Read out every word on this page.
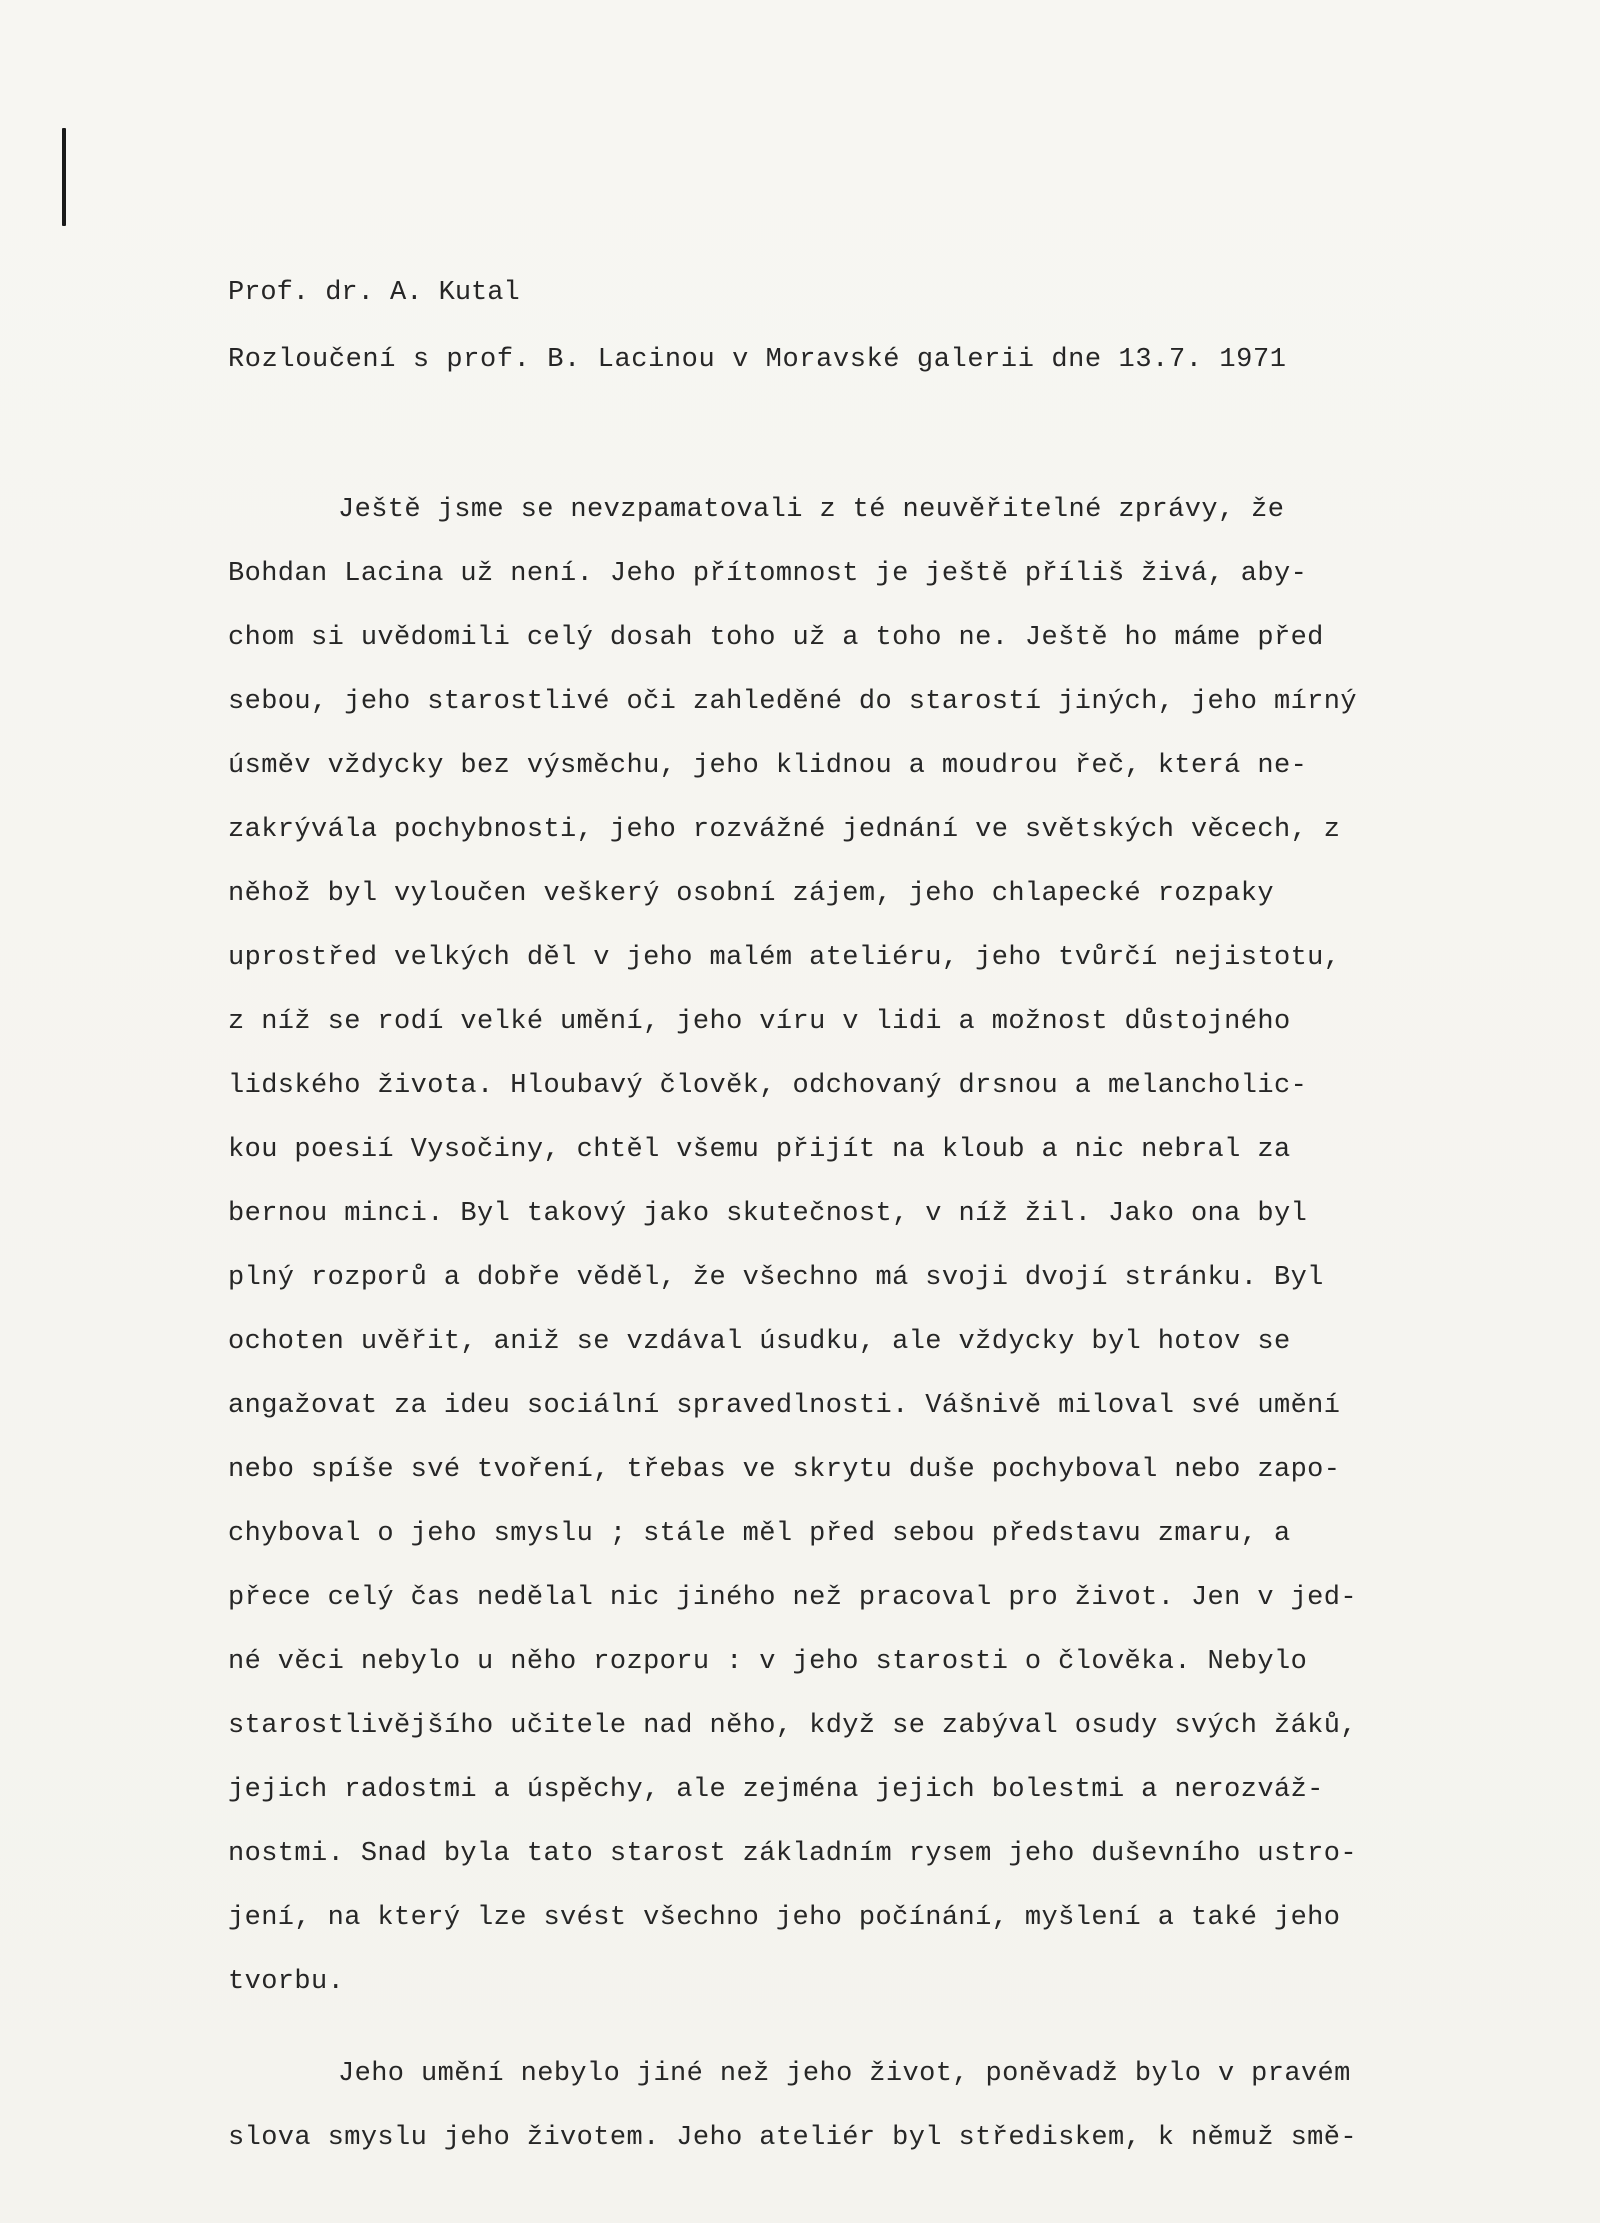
Prof. dr. A. Kutal
Rozloučení s prof. B. Lacinou v Moravské galerii dne 13.7. 1971
Ještě jsme se nevzpamatovali z té neuvěřitelné zprávy, že
Bohdan Lacina už není. Jeho přítomnost je ještě příliš živá, aby-
chom si uvědomili celý dosah toho už a toho ne. Ještě ho máme před
sebou, jeho starostlivé oči zahleděné do starostí jiných, jeho mírný
úsměv vždycky bez výsměchu, jeho klidnou a moudrou řeč, která ne-
zakrývála pochybnosti, jeho rozvážné jednání ve světských věcech, z
něhož byl vyloučen veškerý osobní zájem, jeho chlapecké rozpaky
uprostřed velkých děl v jeho malém ateliéru, jeho tvůrčí nejistotu,
z níž se rodí velké umění, jeho víru v lidi a možnost důstojného
lidského života. Hloubavý člověk, odchovaný drsnou a melancholic-
kou poesií Vysočiny, chtěl všemu přijít na kloub a nic nebral za
bernou minci. Byl takový jako skutečnost, v níž žil. Jako ona byl
plný rozporů a dobře věděl, že všechno má svoji dvojí stránku. Byl
ochoten uvěřit, aniž se vzdával úsudku, ale vždycky byl hotov se
angažovat za ideu sociální spravedlnosti. Vášnivě miloval své umění
nebo spíše své tvoření, třebas ve skrytu duše pochyboval nebo zapo-
chyboval o jeho smyslu ; stále měl před sebou představu zmaru, a
přece celý čas nedělal nic jiného než pracoval pro život. Jen v jed-
né věci nebylo u něho rozporu : v jeho starosti o člověka. Nebylo
starostlivějšího učitele nad něho, když se zabýval osudy svých žáků,
jejich radostmi a úspěchy, ale zejména jejich bolestmi a nerozváž-
nostmi. Snad byla tato starost základním rysem jeho duševního ustro-
jení, na který lze svést všechno jeho počínání, myšlení a také jeho
tvorbu.
Jeho umění nebylo jiné než jeho život, poněvadž bylo v pravém
slova smyslu jeho životem. Jeho ateliér byl střediskem, k němuž smě-
